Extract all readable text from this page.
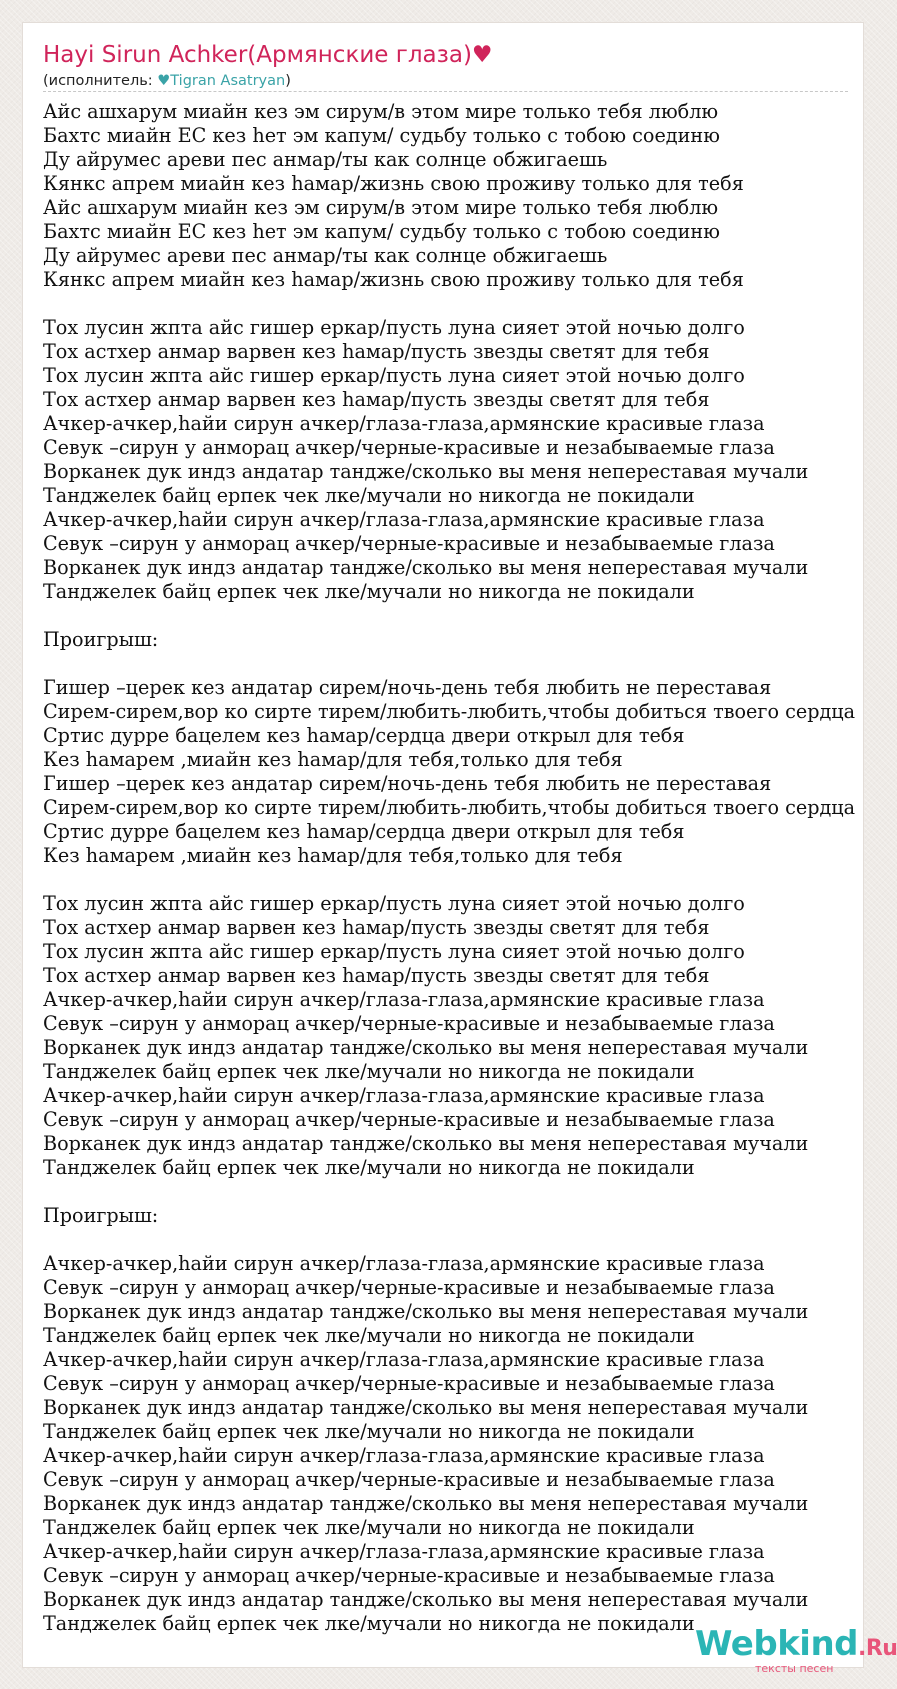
Hayi Sirun Achker(Армянские глаза)♥
(исполнитель: ♥Tigran Asatryan)
Айс ашхарум миайн кез эм сирум/в этом мире только тебя люблю
Бахтс миайн ЕС кез һет эм капум/ судьбу только с тобою соединю
Ду айрумес ареви пес анмар/ты как солнце обжигаешь
Кянкс апрем миайн кез һамар/жизнь свою проживу только для тебя
Айс ашхарум миайн кез эм сирум/в этом мире только тебя люблю
Бахтс миайн ЕС кез һет эм капум/ судьбу только с тобою соединю
Ду айрумес ареви пес анмар/ты как солнце обжигаешь
Кянкс апрем миайн кез һамар/жизнь свою проживу только для тебя
Тох лусин жпта айс гишер еркар/пусть луна сияет этой ночью долго
Тох астхер анмар варвен кез һамар/пусть звезды светят для тебя
Тох лусин жпта айс гишер еркар/пусть луна сияет этой ночью долго
Тох астхер анмар варвен кез һамар/пусть звезды светят для тебя
Ачкер-ачкер,һайи сирун ачкер/глаза-глаза,армянские красивые глаза
Севук –сирун у анморац ачкер/черные-красивые и незабываемые глаза
Ворканек дук индз андатар тандже/сколько вы меня непереставая мучали
Танджелек байц ерпек чек лке/мучали но никогда не покидали
Ачкер-ачкер,һайи сирун ачкер/глаза-глаза,армянские красивые глаза
Севук –сирун у анморац ачкер/черные-красивые и незабываемые глаза
Ворканек дук индз андатар тандже/сколько вы меня непереставая мучали
Танджелек байц ерпек чек лке/мучали но никогда не покидали
Проигрыш:
Гишер –церек кез андатар сирем/ночь-день тебя любить не переставая
Сирем-сирем,вор ко сирте тирем/любить-любить,чтобы добиться твоего сердца
Сртис дурре бацелем кез һамар/сердца двери открыл для тебя
Кез һамарем ,миайн кез һамар/для тебя,только для тебя
Гишер –церек кез андатар сирем/ночь-день тебя любить не переставая
Сирем-сирем,вор ко сирте тирем/любить-любить,чтобы добиться твоего сердца
Сртис дурре бацелем кез һамар/сердца двери открыл для тебя
Кез һамарем ,миайн кез һамар/для тебя,только для тебя
Тох лусин жпта айс гишер еркар/пусть луна сияет этой ночью долго
Тох астхер анмар варвен кез һамар/пусть звезды светят для тебя
Тох лусин жпта айс гишер еркар/пусть луна сияет этой ночью долго
Тох астхер анмар варвен кез һамар/пусть звезды светят для тебя
Ачкер-ачкер,һайи сирун ачкер/глаза-глаза,армянские красивые глаза
Севук –сирун у анморац ачкер/черные-красивые и незабываемые глаза
Ворканек дук индз андатар тандже/сколько вы меня непереставая мучали
Танджелек байц ерпек чек лке/мучали но никогда не покидали
Ачкер-ачкер,һайи сирун ачкер/глаза-глаза,армянские красивые глаза
Севук –сирун у анморац ачкер/черные-красивые и незабываемые глаза
Ворканек дук индз андатар тандже/сколько вы меня непереставая мучали
Танджелек байц ерпек чек лке/мучали но никогда не покидали
Проигрыш:
Ачкер-ачкер,һайи сирун ачкер/глаза-глаза,армянские красивые глаза
Севук –сирун у анморац ачкер/черные-красивые и незабываемые глаза
Ворканек дук индз андатар тандже/сколько вы меня непереставая мучали
Танджелек байц ерпек чек лке/мучали но никогда не покидали
Ачкер-ачкер,һайи сирун ачкер/глаза-глаза,армянские красивые глаза
Севук –сирун у анморац ачкер/черные-красивые и незабываемые глаза
Ворканек дук индз андатар тандже/сколько вы меня непереставая мучали
Танджелек байц ерпек чек лке/мучали но никогда не покидали
Ачкер-ачкер,һайи сирун ачкер/глаза-глаза,армянские красивые глаза
Севук –сирун у анморац ачкер/черные-красивые и незабываемые глаза
Ворканек дук индз андатар тандже/сколько вы меня непереставая мучали
Танджелек байц ерпек чек лке/мучали но никогда не покидали
Ачкер-ачкер,һайи сирун ачкер/глаза-глаза,армянские красивые глаза
Севук –сирун у анморац ачкер/черные-красивые и незабываемые глаза
Ворканек дук индз андатар тандже/сколько вы меня непереставая мучали
Танджелек байц ерпек чек лке/мучали но никогда не покидали
Webkind.Ru
тексты песен
